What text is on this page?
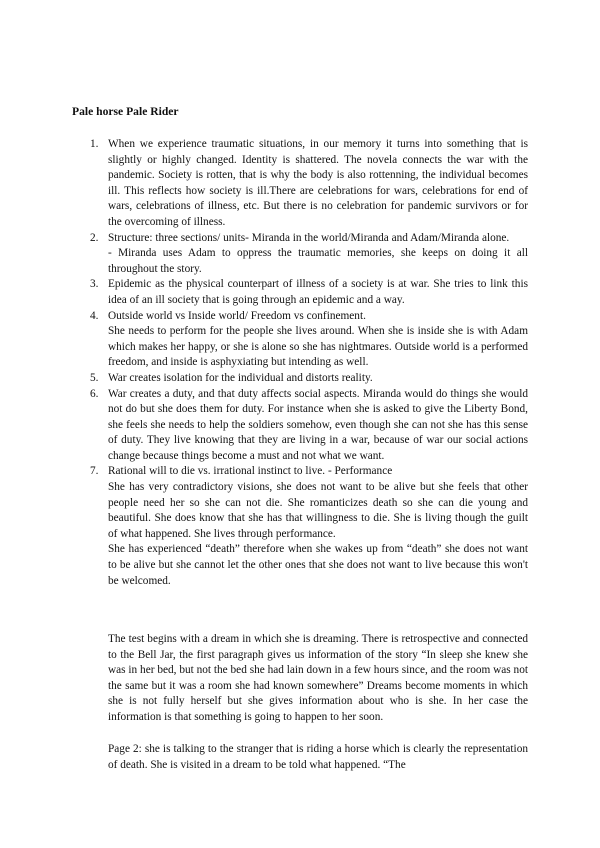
Pale horse Pale Rider
1. When we experience traumatic situations, in our memory it turns into something that is slightly or highly changed. Identity is shattered. The novela connects the war with the pandemic. Society is rotten, that is why the body is also rottenning, the individual becomes ill. This reflects how society is ill.There are celebrations for wars, celebrations for end of wars, celebrations of illness, etc. But there is no celebration for pandemic survivors or for the overcoming of illness.
2. Structure: three sections/ units- Miranda in the world/Miranda and Adam/Miranda alone.
- Miranda uses Adam to oppress the traumatic memories, she keeps on doing it all throughout the story.
3. Epidemic as the physical counterpart of illness of a society is at war. She tries to link this idea of an ill society that is going through an epidemic and a way.
4. Outside world vs Inside world/ Freedom vs confinement.
She needs to perform for the people she lives around. When she is inside she is with Adam which makes her happy, or she is alone so she has nightmares. Outside world is a performed freedom, and inside is asphyxiating but intending as well.
5. War creates isolation for the individual and distorts reality.
6. War creates a duty, and that duty affects social aspects. Miranda would do things she would not do but she does them for duty. For instance when she is asked to give the Liberty Bond, she feels she needs to help the soldiers somehow, even though she can not she has this sense of duty. They live knowing that they are living in a war, because of war our social actions change because things become a must and not what we want.
7. Rational will to die vs. irrational instinct to live. - Performance
She has very contradictory visions, she does not want to be alive but she feels that other people need her so she can not die. She romanticizes death so she can die young and beautiful. She does know that she has that willingness to die. She is living though the guilt of what happened. She lives through performance.
She has experienced “death” therefore when she wakes up from “death” she does not want to be alive but she cannot let the other ones that she does not want to live because this won't be welcomed.

The test begins with a dream in which she is dreaming. There is retrospective and connected to the Bell Jar, the first paragraph gives us information of the story “In sleep she knew she was in her bed, but not the bed she had lain down in a few hours since, and the room was not the same but it was a room she had known somewhere” Dreams become moments in which she is not fully herself but she gives information about who is she. In her case the information is that something is going to happen to her soon.

Page 2: she is talking to the stranger that is riding a horse which is clearly the representation of death. She is visited in a dream to be told what happened. “The
